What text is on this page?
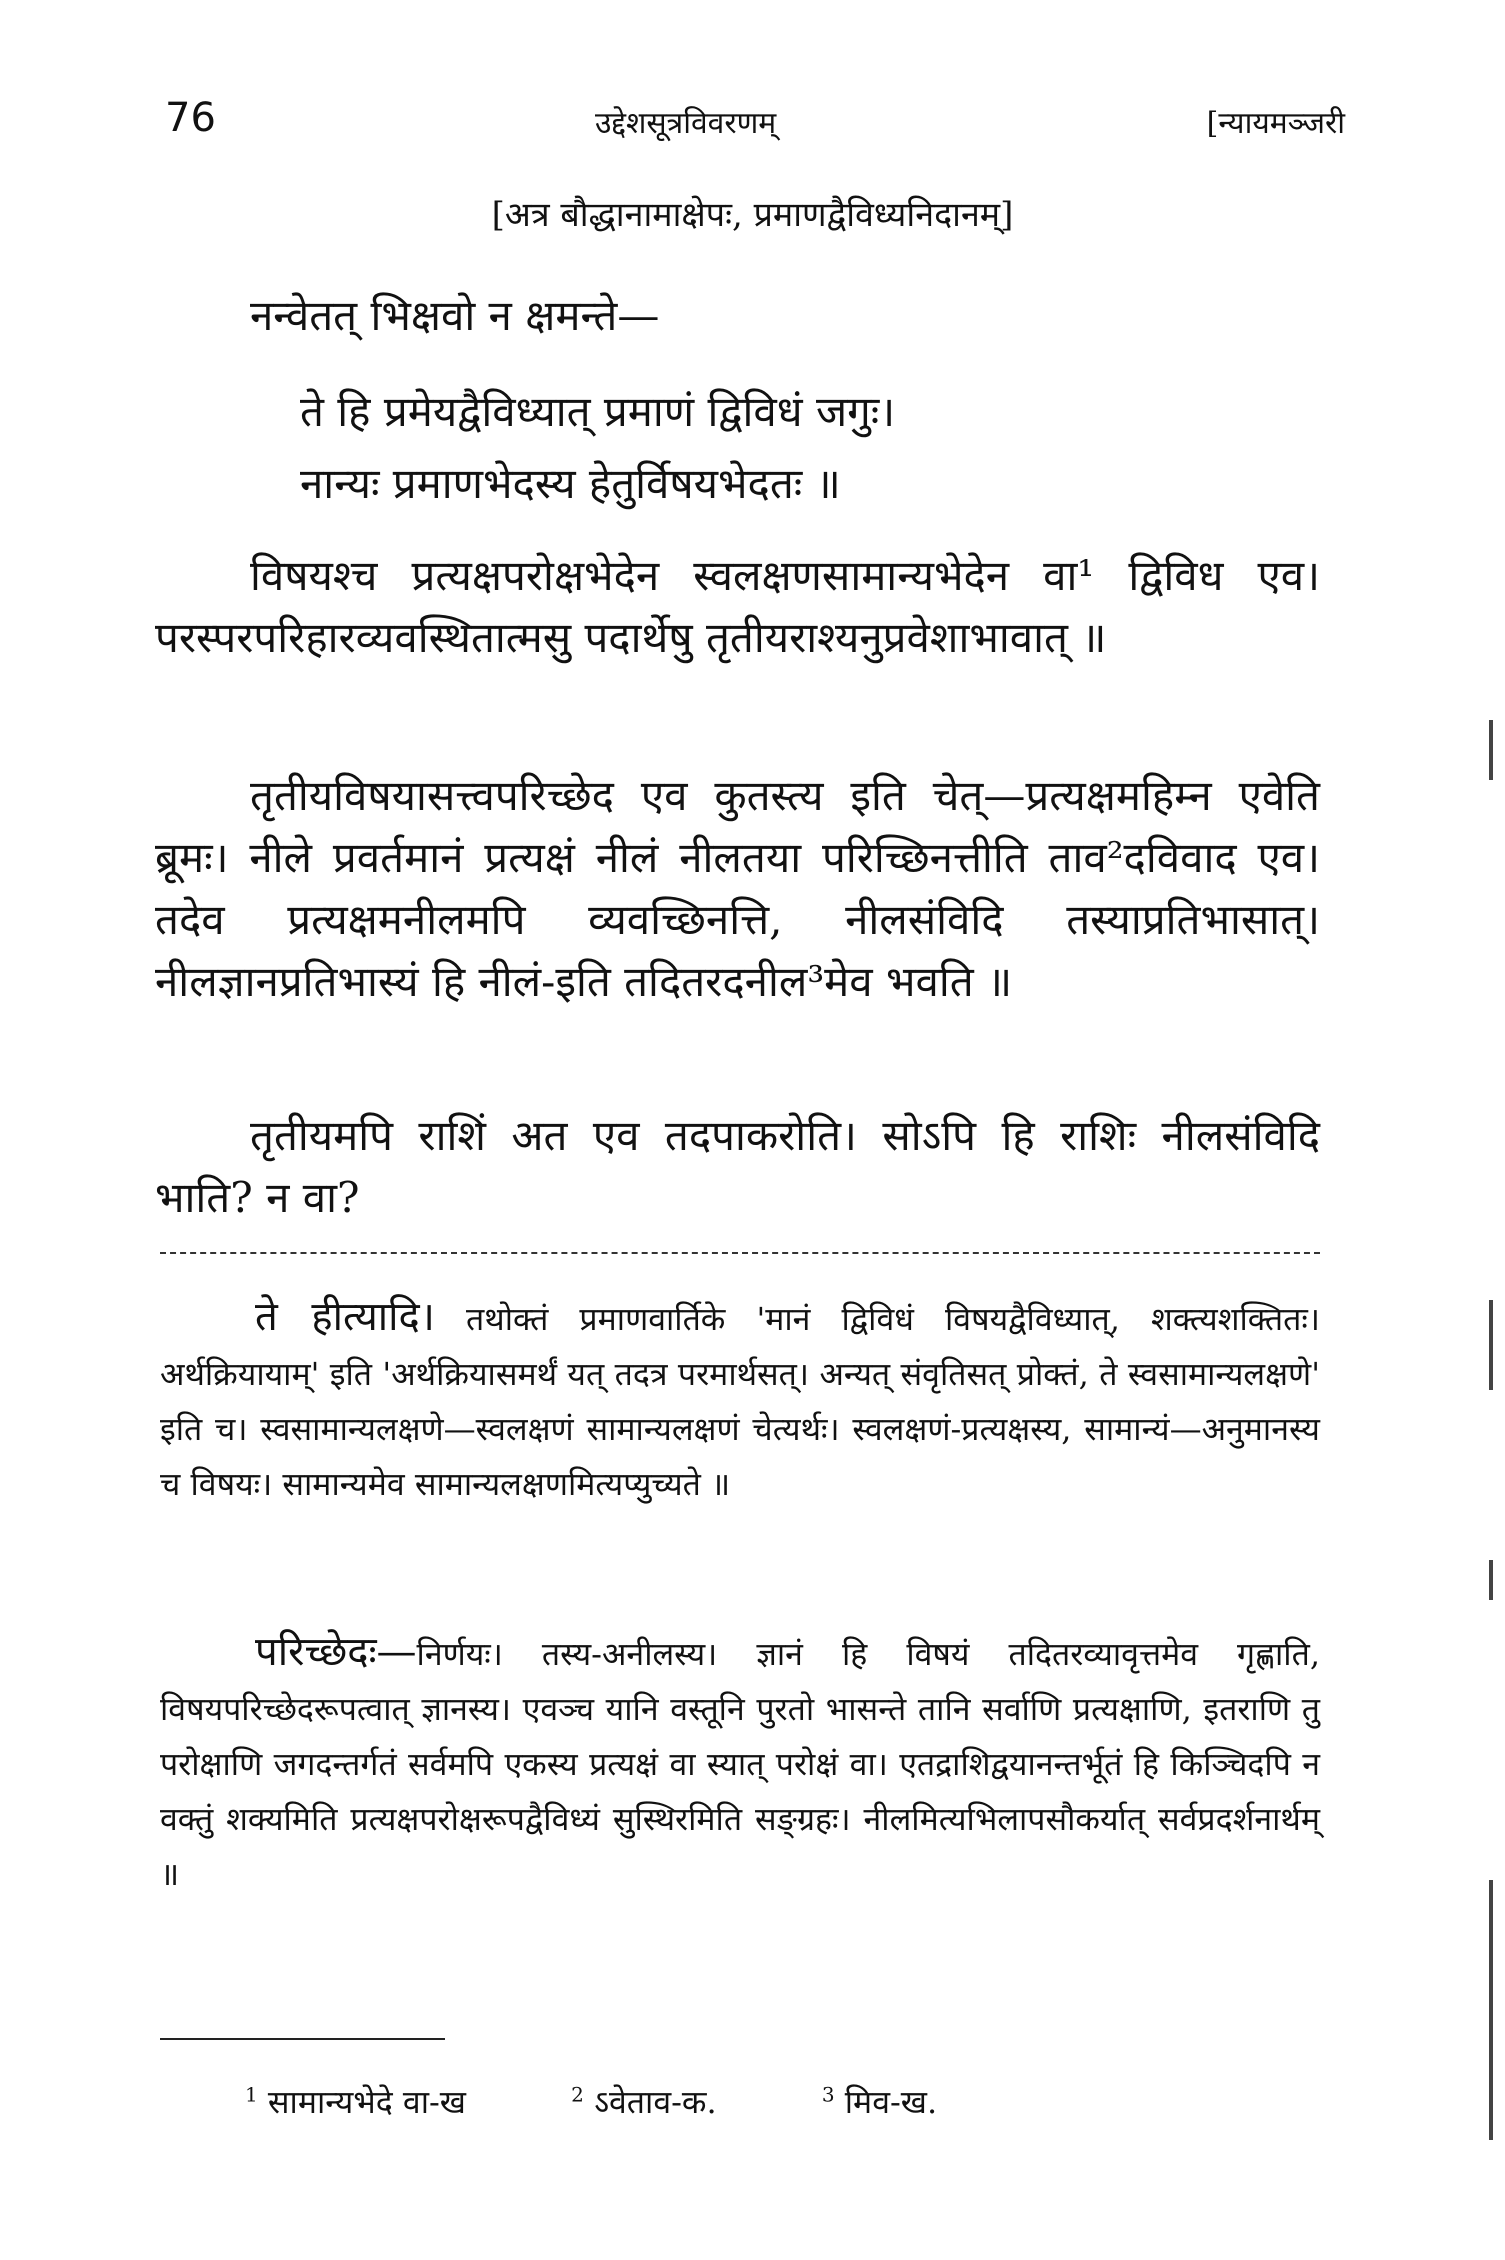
76	उद्देशसूत्रविवरणम्	[न्यायमञ्जरी
[अत्र बौद्धानामाक्षेपः, प्रमाणद्वैविध्यनिदानम्]

नन्वेतत् भिक्षवो न क्षमन्ते—

ते हि प्रमेयद्वैविध्यात् प्रमाणं द्विविधं जगुः।

नान्यः प्रमाणभेदस्य हेतुर्विषयभेदतः ॥

विषयश्च प्रत्यक्षपरोक्षभेदेन स्वलक्षणसामान्यभेदेन वा¹ द्विविध एव। परस्परपरिहारव्यवस्थितात्मसु पदार्थेषु तृतीयराश्यनुप्रवेशाभावात् ॥

तृतीयविषयासत्त्वपरिच्छेद एव कुतस्त्य इति चेत्—प्रत्यक्षमहिम्न एवेति ब्रूमः। नीले प्रवर्तमानं प्रत्यक्षं नीलं नीलतया परिच्छिनत्तीति ताव²दविवाद एव। तदेव प्रत्यक्षमनीलमपि व्यवच्छिनत्ति, नीलसंविदि तस्याप्रतिभासात्। नीलज्ञानप्रतिभास्यं हि नीलं-इति तदितरदनील³मेव भवति ॥

तृतीयमपि राशिं अत एव तदपाकरोति। सोऽपि हि राशिः नीलसंविदि भाति? न वा?

ते हीत्यादि। तथोक्तं प्रमाणवार्तिके 'मानं द्विविधं विषयद्वैविध्यात्, शक्त्यशक्तितः। अर्थक्रियायाम्' इति 'अर्थक्रियासमर्थं यत् तदत्र परमार्थसत्। अन्यत् संवृतिसत् प्रोक्तं, ते स्वसामान्यलक्षणे' इति च। स्वसामान्यलक्षणे—स्वलक्षणं सामान्यलक्षणं चेत्यर्थः। स्वलक्षणं-प्रत्यक्षस्य, सामान्यं—अनुमानस्य च विषयः। सामान्यमेव सामान्यलक्षणमित्यप्युच्यते ॥

परिच्छेदः—निर्णयः। तस्य-अनीलस्य। ज्ञानं हि विषयं तदितरव्यावृत्तमेव गृह्णाति, विषयपरिच्छेदरूपत्वात् ज्ञानस्य। एवञ्च यानि वस्तूनि पुरतो भासन्ते तानि सर्वाणि प्रत्यक्षाणि, इतराणि तु परोक्षाणि जगदन्तर्गतं सर्वमपि एकस्य प्रत्यक्षं वा स्यात् परोक्षं वा। एतद्राशिद्वयानन्तर्भूतं हि किञ्चिदपि न वक्तुं शक्यमिति प्रत्यक्षपरोक्षरूपद्वैविध्यं सुस्थिरमिति सङ्ग्रहः। नीलमित्यभिलापसौकर्यात् सर्वप्रदर्शनार्थम् ॥

$^1$ सामान्यभेदे वा-ख	$^2$ ऽवेताव-क.	$^3$ मिव-ख.
